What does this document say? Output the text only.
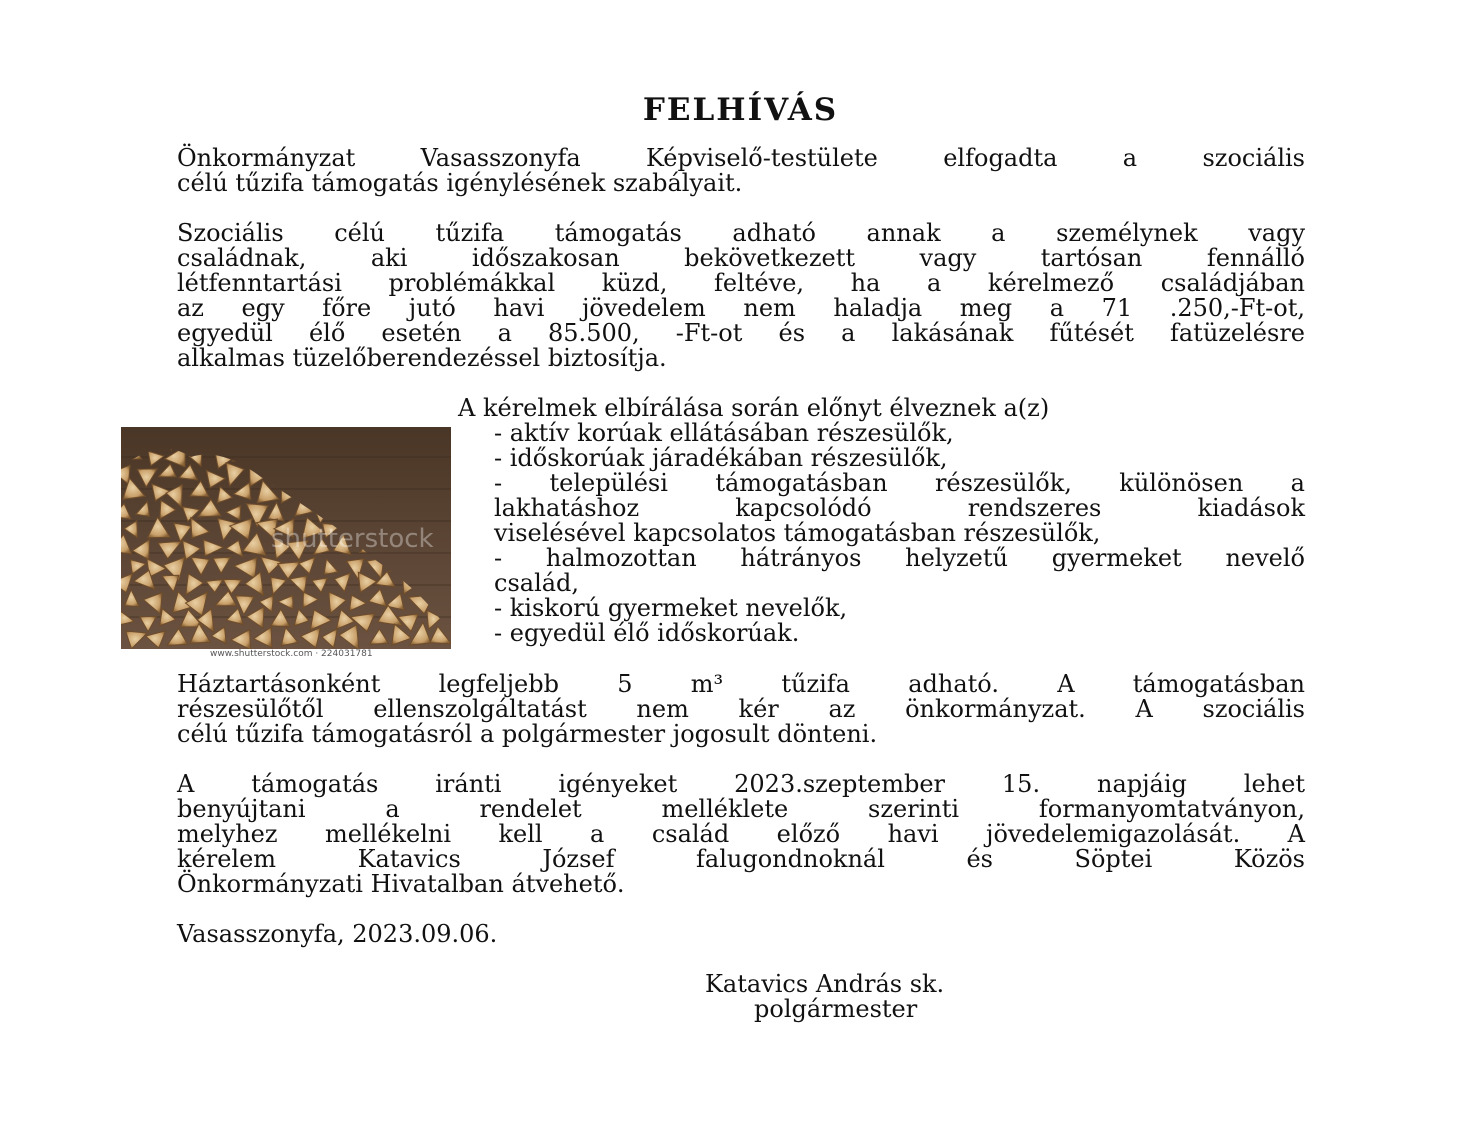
FELHÍVÁS
Önkormányzat Vasasszonyfa Képviselő-testülete elfogadta a szociális
célú tűzifa támogatás igénylésének szabályait.
Szociális célú tűzifa támogatás adható annak a személynek vagy
családnak, aki időszakosan bekövetkezett vagy tartósan fennálló
létfenntartási problémákkal küzd, feltéve, ha a kérelmező családjában
az egy főre jutó havi jövedelem nem haladja meg a 71 .250,-Ft-ot,
egyedül élő esetén a 85.500, -Ft-ot és a lakásának fűtését fatüzelésre
alkalmas tüzelőberendezéssel biztosítja.
shutterstock
www.shutterstock.com · 224031781
A kérelmek elbírálása során előnyt élveznek a(z)
- aktív korúak ellátásában részesülők,
- időskorúak járadékában részesülők,
- települési támogatásban részesülők, különösen a
lakhatáshoz kapcsolódó rendszeres kiadások
viselésével kapcsolatos támogatásban részesülők,
- halmozottan hátrányos helyzetű gyermeket nevelő
család,
- kiskorú gyermeket nevelők,
- egyedül élő időskorúak.
Háztartásonként legfeljebb 5 m³ tűzifa adható. A támogatásban
részesülőtől ellenszolgáltatást nem kér az önkormányzat. A szociális
célú tűzifa támogatásról a polgármester jogosult dönteni.
A támogatás iránti igényeket 2023.szeptember 15. napjáig lehet
benyújtani a rendelet melléklete szerinti formanyomtatványon,
melyhez mellékelni kell a család előző havi jövedelemigazolását. A
kérelem Katavics József falugondnoknál és Söptei Közös
Önkormányzati Hivatalban átvehető.
Vasasszonyfa, 2023.09.06.
Katavics András sk.
polgármester
